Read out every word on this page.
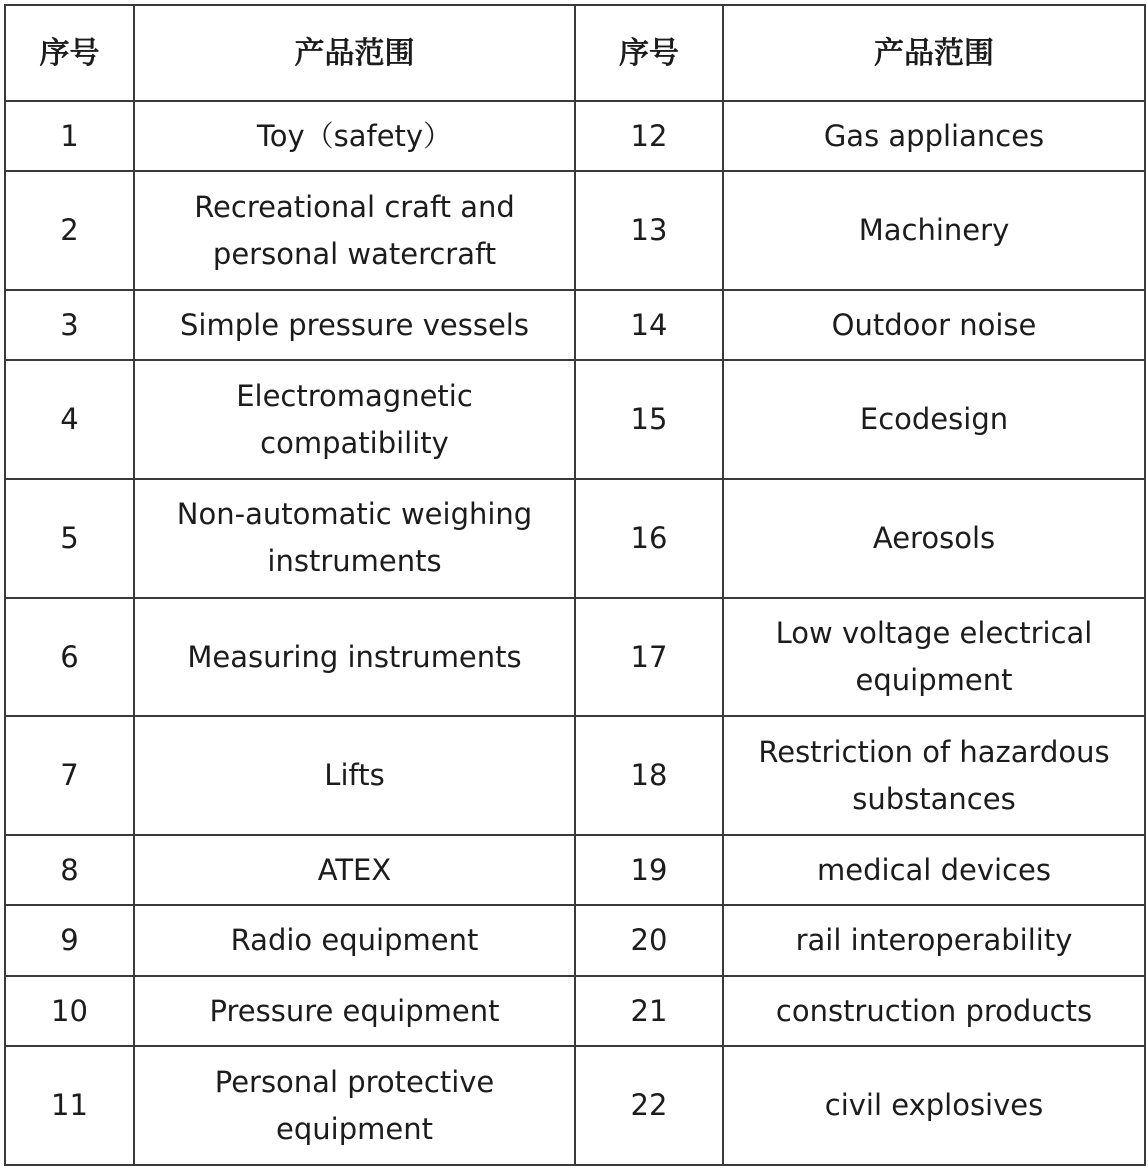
序号	产品范围	序号	产品范围
1	Toy（safety）	12	Gas appliances
2	Recreational craft and personal watercraft	13	Machinery
3	Simple pressure vessels	14	Outdoor noise
4	Electromagnetic compatibility	15	Ecodesign
5	Non-automatic weighing instruments	16	Aerosols
6	Measuring instruments	17	Low voltage electrical equipment
7	Lifts	18	Restriction of hazardous substances
8	ATEX	19	medical devices
9	Radio equipment	20	rail interoperability
10	Pressure equipment	21	construction products
11	Personal protective equipment	22	civil explosives
